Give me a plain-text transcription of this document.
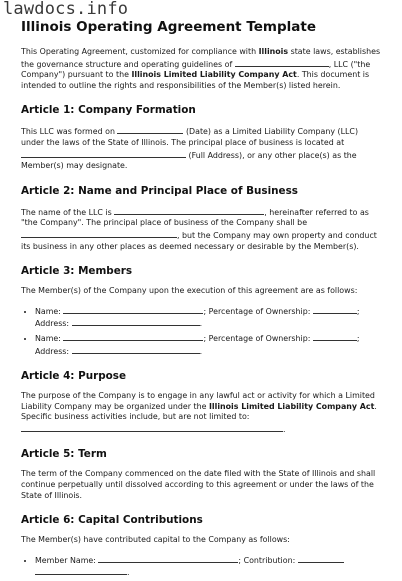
lawdocs.info
Illinois Operating Agreement Template

This Operating Agreement, customized for compliance with Illinois state laws, establishes the governance structure and operating guidelines of	, LLC ("the Company") pursuant to the Illinois Limited Liability Company Act. This document is intended to outline the rights and responsibilities of the Member(s) listed herein.

Article 1: Company Formation

This LLC was formed on	(Date) as a Limited Liability Company (LLC) under the laws of the State of Illinois. The principal place of business is located at  (Full Address), or any other place(s) as the Member(s) may designate.

Article 2: Name and Principal Place of Business

The name of the LLC is	, hereinafter referred to as "the Company". The principal place of business of the Company shall be , but the Company may own property and conduct its business in any other places as deemed necessary or desirable by the Member(s).

Article 3: Members

The Member(s) of the Company upon the execution of this agreement are as follows:

• Name:	; Percentage of Ownership:	;
Address:	.
• Name:	; Percentage of Ownership:	;
Address:	.
Article 4: Purpose

The purpose of the Company is to engage in any lawful act or activity for which a Limited Liability Company may be organized under the Illinois Limited Liability Company Act. Specific business activities include, but are not limited to:
.

Article 5: Term

The term of the Company commenced on the date filed with the State of Illinois and shall continue perpetually until dissolved according to this agreement or under the laws of the State of Illinois.

Article 6: Capital Contributions

The Member(s) have contributed capital to the Company as follows:

• Member Name:	; Contribution:
.
